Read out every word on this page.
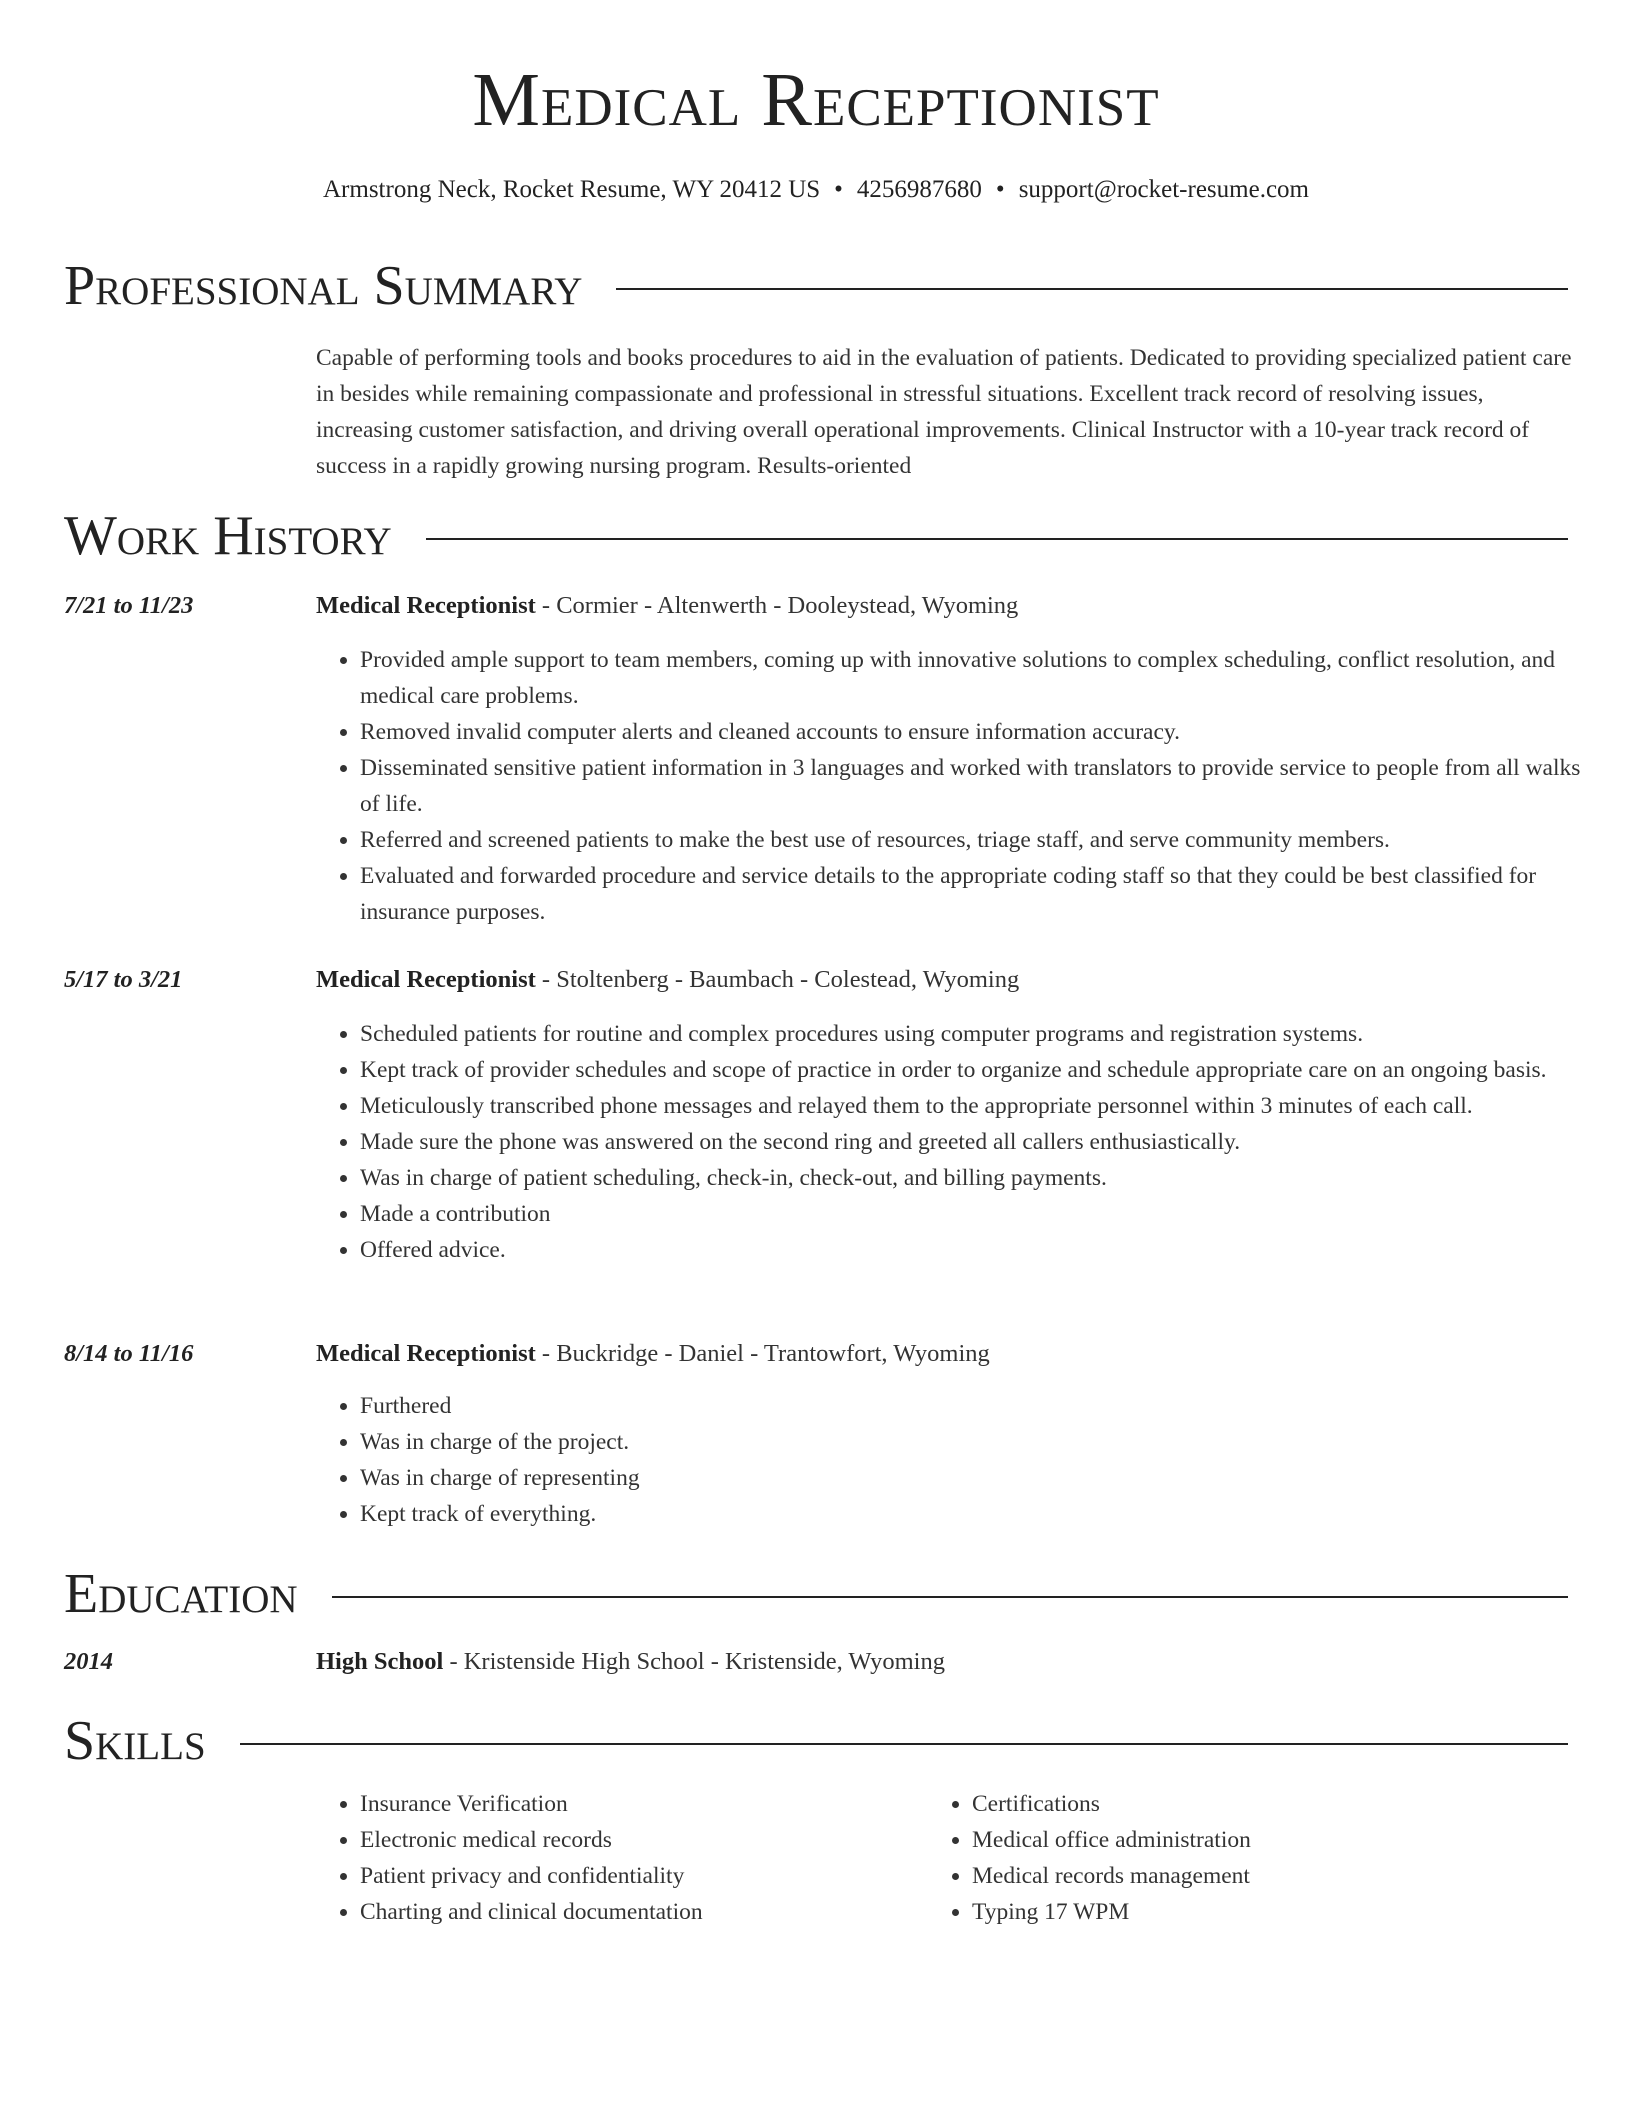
Medical Receptionist
Armstrong Neck, Rocket Resume, WY 20412 US • 4256987680 • support@rocket-resume.com
Professional Summary
Capable of performing tools and books procedures to aid in the evaluation of patients. Dedicated to providing specialized patient care in besides while remaining compassionate and professional in stressful situations. Excellent track record of resolving issues, increasing customer satisfaction, and driving overall operational improvements. Clinical Instructor with a 10-year track record of success in a rapidly growing nursing program. Results-oriented
Work History
7/21 to 11/23	Medical Receptionist - Cormier - Altenwerth - Dooleystead, Wyoming
• Provided ample support to team members, coming up with innovative solutions to complex scheduling, conflict resolution, and medical care problems.
• Removed invalid computer alerts and cleaned accounts to ensure information accuracy.
• Disseminated sensitive patient information in 3 languages and worked with translators to provide service to people from all walks of life.
• Referred and screened patients to make the best use of resources, triage staff, and serve community members.
• Evaluated and forwarded procedure and service details to the appropriate coding staff so that they could be best classified for insurance purposes.
5/17 to 3/21	Medical Receptionist - Stoltenberg - Baumbach - Colestead, Wyoming
• Scheduled patients for routine and complex procedures using computer programs and registration systems.
• Kept track of provider schedules and scope of practice in order to organize and schedule appropriate care on an ongoing basis.
• Meticulously transcribed phone messages and relayed them to the appropriate personnel within 3 minutes of each call.
• Made sure the phone was answered on the second ring and greeted all callers enthusiastically.
• Was in charge of patient scheduling, check-in, check-out, and billing payments.
• Made a contribution
• Offered advice.
8/14 to 11/16	Medical Receptionist - Buckridge - Daniel - Trantowfort, Wyoming
• Furthered
• Was in charge of the project.
• Was in charge of representing
• Kept track of everything.
Education
2014	High School - Kristenside High School - Kristenside, Wyoming
Skills
• Insurance Verification
• Electronic medical records
• Patient privacy and confidentiality
• Charting and clinical documentation
• Certifications
• Medical office administration
• Medical records management
• Typing 17 WPM
